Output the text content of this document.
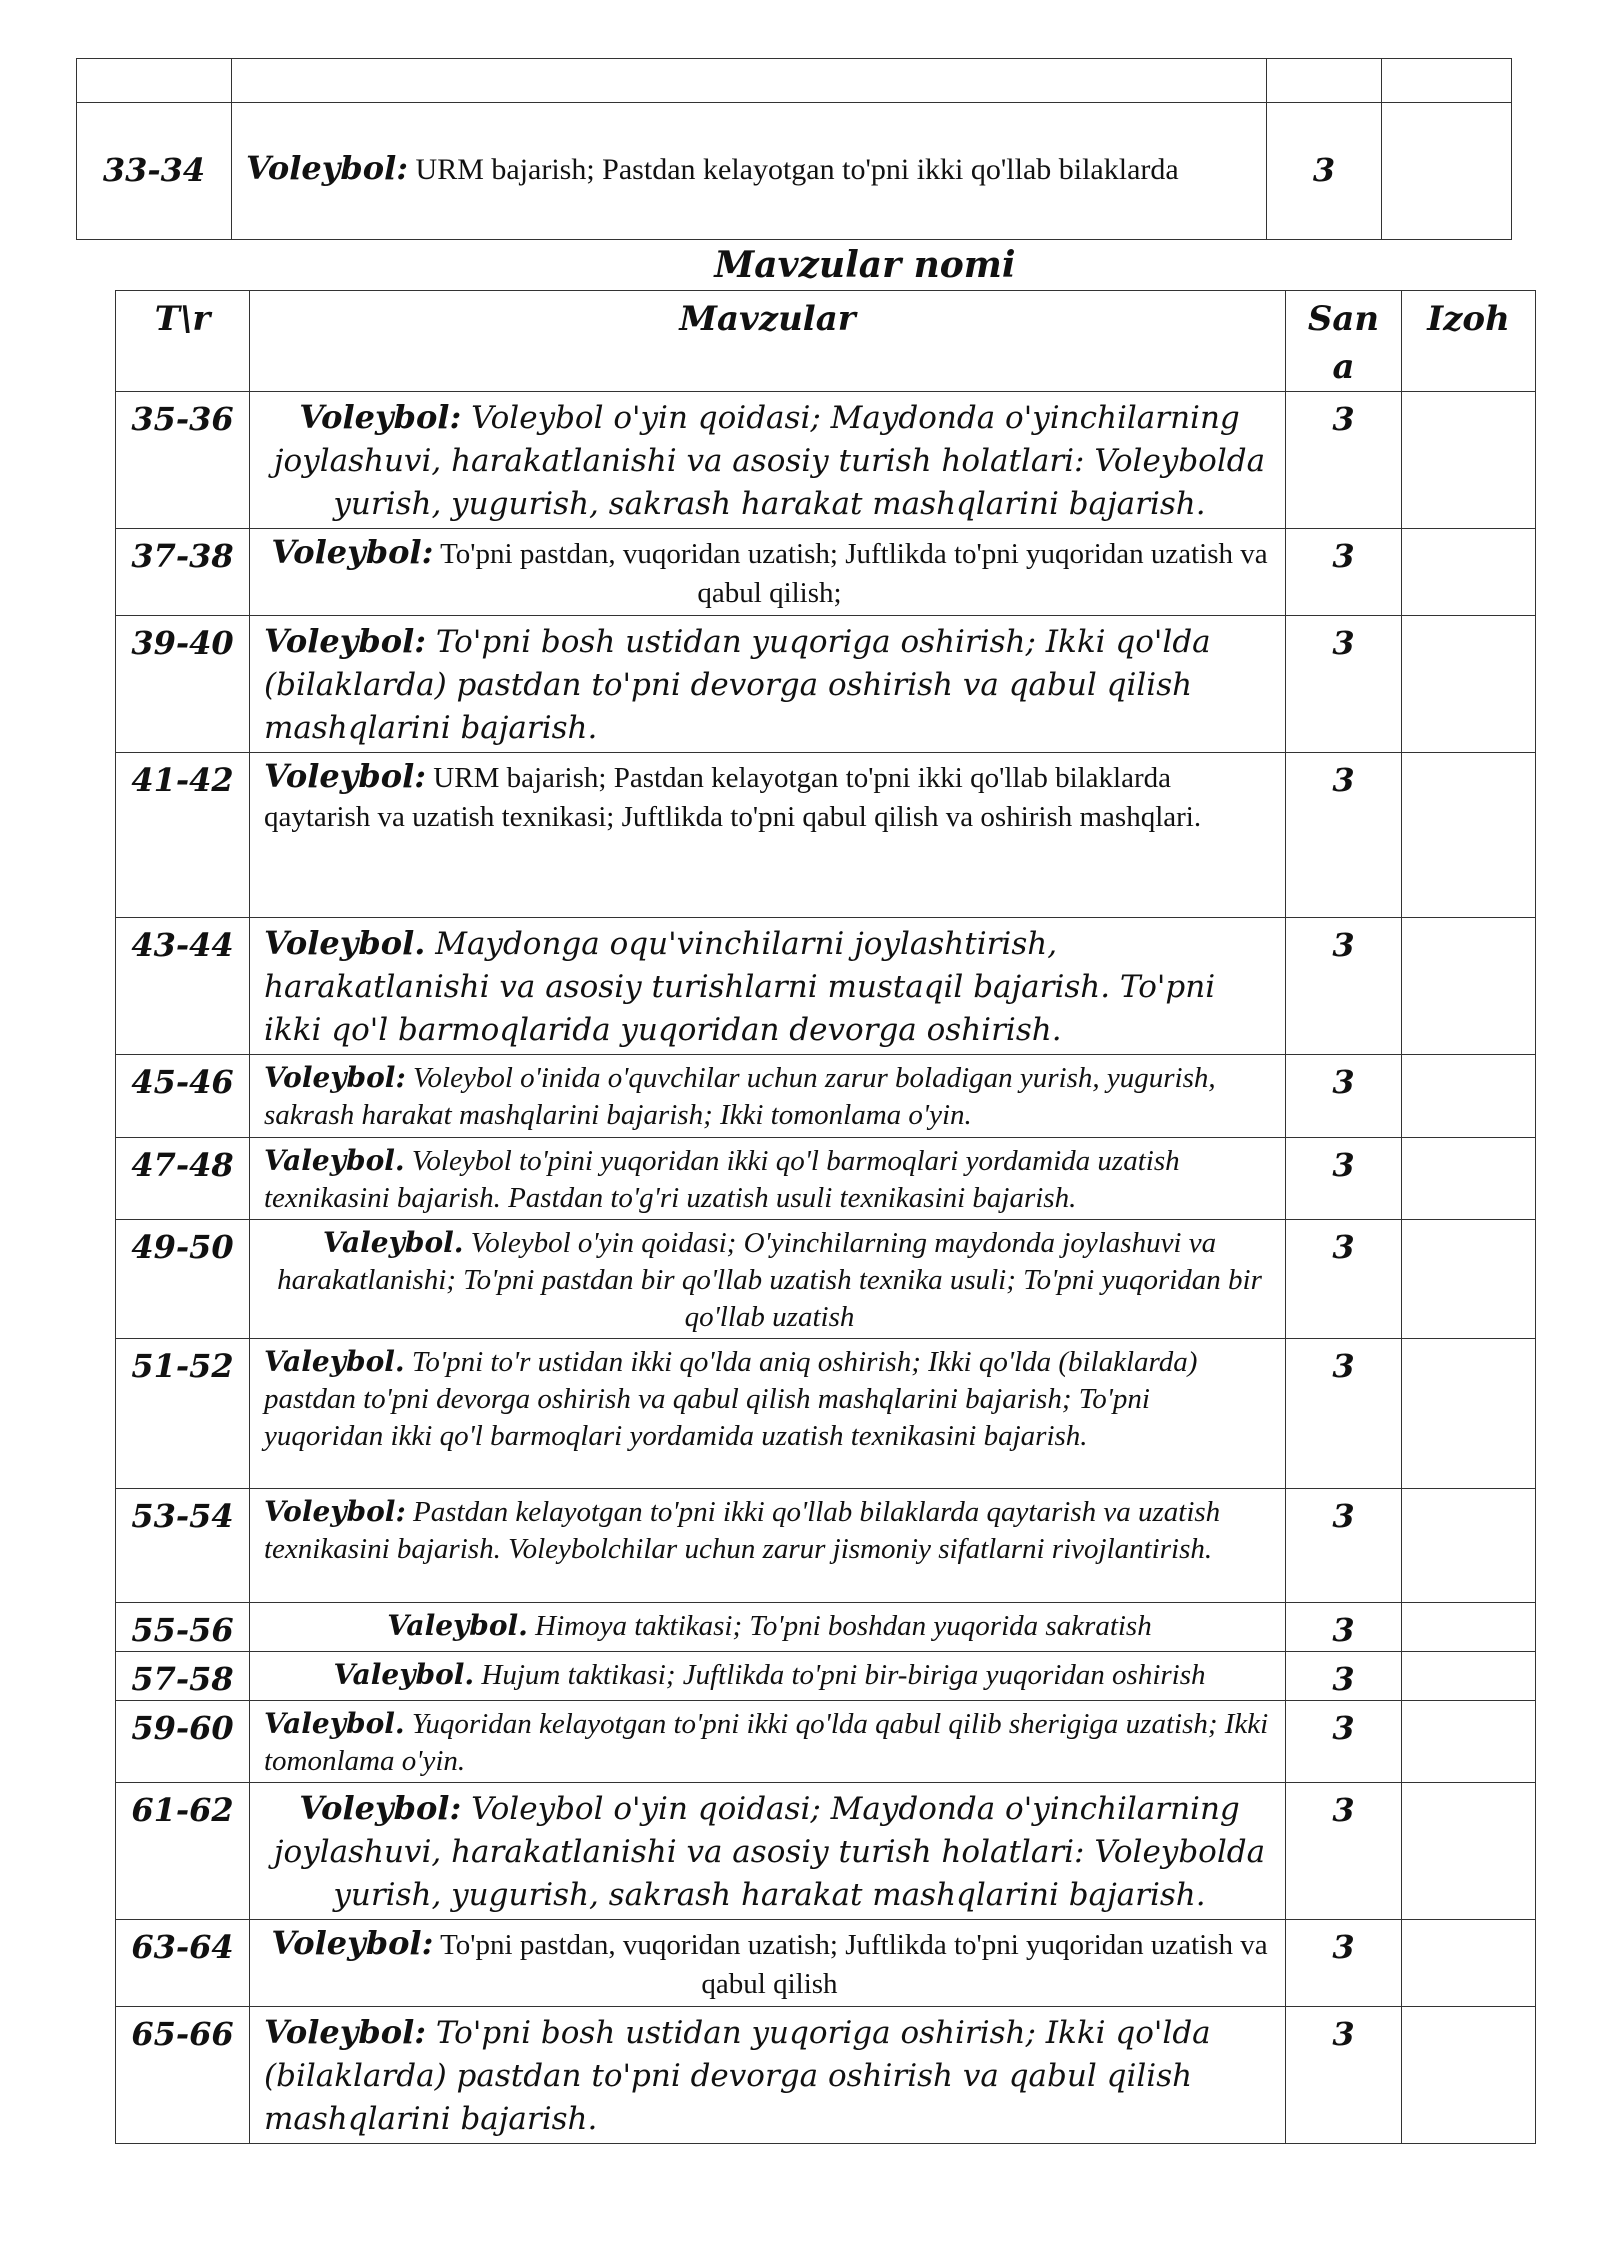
33-34	Voleybol: URM bajarish; Pastdan kelayotgan to'pni ikki qo'llab bilaklarda	3	
Mavzular nomi
T\r	Mavzular	Sana	Izoh
35-36	Voleybol: Voleybol o'yin qoidasi; Maydonda o'yinchilarning joylashuvi, harakatlanishi va asosiy turish holatlari: Voleybolda yurish, yugurish, sakrash harakat mashqlarini bajarish.	3	
37-38	Voleybol: To'pni pastdan, vuqoridan uzatish; Juftlikda to'pni yuqoridan uzatish va qabul qilish;	3	
39-40	Voleybol: To'pni bosh ustidan yuqoriga oshirish; Ikki qo'lda (bilaklarda) pastdan to'pni devorga oshirish va qabul qilish mashqlarini bajarish.	3	
41-42	Voleybol: URM bajarish; Pastdan kelayotgan to'pni ikki qo'llab bilaklarda qaytarish va uzatish texnikasi; Juftlikda to'pni qabul qilish va oshirish mashqlari.	3	
43-44	Voleybol. Maydonga oqu'vinchilarni joylashtirish, harakatlanishi va asosiy turishlarni mustaqil bajarish. To'pni ikki qo'l barmoqlarida yuqoridan devorga oshirish.	3	
45-46	Voleybol: Voleybol o'inida o'quvchilar uchun zarur boladigan yurish, yugurish, sakrash harakat mashqlarini bajarish; Ikki tomonlama o'yin.	3	
47-48	Valeybol. Voleybol to'pini yuqoridan ikki qo'l barmoqlari yordamida uzatish texnikasini bajarish. Pastdan to'g'ri uzatish usuli texnikasini bajarish.	3	
49-50	Valeybol. Voleybol o'yin qoidasi; O'yinchilarning maydonda joylashuvi va harakatlanishi; To'pni pastdan bir qo'llab uzatish texnika usuli; To'pni yuqoridan bir qo'llab uzatish	3	
51-52	Valeybol. To'pni to'r ustidan ikki qo'lda aniq oshirish; Ikki qo'lda (bilaklarda) pastdan to'pni devorga oshirish va qabul qilish mashqlarini bajarish; To'pni yuqoridan ikki qo'l barmoqlari yordamida uzatish texnikasini bajarish.	3	
53-54	Voleybol: Pastdan kelayotgan to'pni ikki qo'llab bilaklarda qaytarish va uzatish texnikasini bajarish. Voleybolchilar uchun zarur jismoniy sifatlarni rivojlantirish.	3	
55-56	Valeybol. Himoya taktikasi; To'pni boshdan yuqorida sakratish	3	
57-58	Valeybol. Hujum taktikasi; Juftlikda to'pni bir-biriga yuqoridan oshirish	3	
59-60	Valeybol. Yuqoridan kelayotgan to'pni ikki qo'lda qabul qilib sherigiga uzatish; Ikki tomonlama o'yin.	3	
61-62	Voleybol: Voleybol o'yin qoidasi; Maydonda o'yinchilarning joylashuvi, harakatlanishi va asosiy turish holatlari: Voleybolda yurish, yugurish, sakrash harakat mashqlarini bajarish.	3	
63-64	Voleybol: To'pni pastdan, vuqoridan uzatish; Juftlikda to'pni yuqoridan uzatish va qabul qilish	3	
65-66	Voleybol: To'pni bosh ustidan yuqoriga oshirish; Ikki qo'lda (bilaklarda) pastdan to'pni devorga oshirish va qabul qilish mashqlarini bajarish.	3	
